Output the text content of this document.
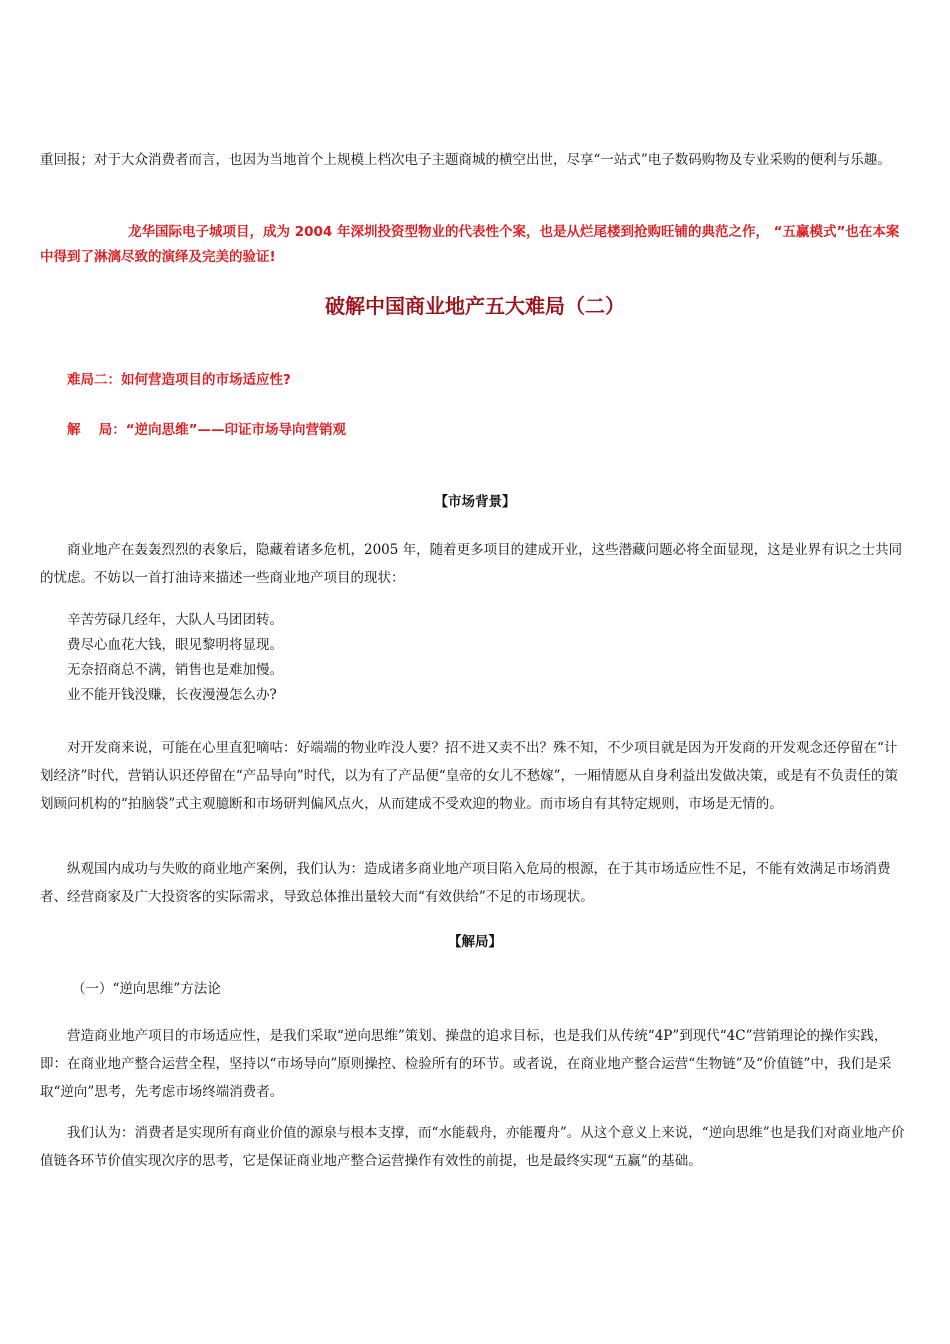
重回报；对于大众消费者而言，也因为当地首个上规模上档次电子主题商城的横空出世，尽享“一站式”电子数码购物及专业采购的便利与乐趣。

龙华国际电子城项目，成为 2004 年深圳投资型物业的代表性个案，也是从烂尾楼到抢购旺铺的典范之作， “五赢模式”也在本案中得到了淋漓尽致的演绎及完美的验证!

破解中国商业地产五大难局（二）

难局二：如何营造项目的市场适应性?

解　 局：“逆向思维”——印证市场导向营销观

【市场背景】

商业地产在轰轰烈烈的表象后，隐藏着诸多危机，2005 年，随着更多项目的建成开业，这些潜藏问题必将全面显现，这是业界有识之士共同的忧虑。不妨以一首打油诗来描述一些商业地产项目的现状：

辛苦劳碌几经年，大队人马团团转。
费尽心血花大钱，眼见黎明将显现。
无奈招商总不满，销售也是难加慢。
业不能开钱没赚，长夜漫漫怎么办?

对开发商来说，可能在心里直犯嘀咕：好端端的物业咋没人要？招不进又卖不出？殊不知，不少项目就是因为开发商的开发观念还停留在“计划经济”时代，营销认识还停留在“产品导向”时代，以为有了产品便“皇帝的女儿不愁嫁”，一厢情愿从自身利益出发做决策，或是有不负责任的策划顾问机构的“拍脑袋”式主观臆断和市场研判偏风点火，从而建成不受欢迎的物业。而市场自有其特定规则，市场是无情的。

纵观国内成功与失败的商业地产案例，我们认为：造成诸多商业地产项目陷入危局的根源，在于其市场适应性不足，不能有效满足市场消费者、经营商家及广大投资客的实际需求，导致总体推出量较大而“有效供给”不足的市场现状。

【解局】

（一）“逆向思维”方法论

营造商业地产项目的市场适应性，是我们采取“逆向思维”策划、操盘的追求目标，也是我们从传统“4P”到现代“4C”营销理论的操作实践，即：在商业地产整合运营全程，坚持以“市场导向”原则操控、检验所有的环节。或者说，在商业地产整合运营“生物链”及“价值链”中，我们是采取“逆向”思考，先考虑市场终端消费者。

我们认为：消费者是实现所有商业价值的源泉与根本支撑，而“水能载舟，亦能覆舟”。从这个意义上来说，“逆向思维”也是我们对商业地产价值链各环节价值实现次序的思考，它是保证商业地产整合运营操作有效性的前提，也是最终实现“五赢”的基础。
